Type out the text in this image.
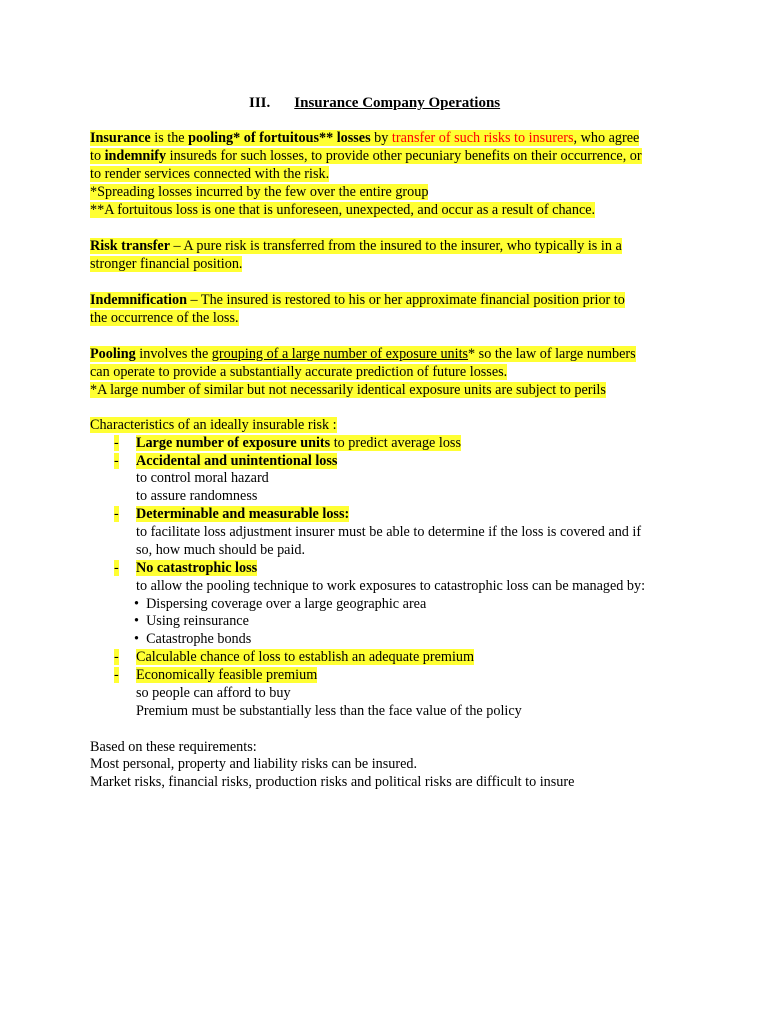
III. Insurance Company Operations
Insurance is the pooling* of fortuitous** losses by transfer of such risks to insurers, who agree
to indemnify insureds for such losses, to provide other pecuniary benefits on their occurrence, or
to render services connected with the risk.
*Spreading losses incurred by the few over the entire group
**A fortuitous loss is one that is unforeseen, unexpected, and occur as a result of chance.
Risk transfer – A pure risk is transferred from the insured to the insurer, who typically is in a
stronger financial position.
Indemnification – The insured is restored to his or her approximate financial position prior to
the occurrence of the loss.
Pooling involves the grouping of a large number of exposure units* so the law of large numbers
can operate to provide a substantially accurate prediction of future losses.
*A large number of similar but not necessarily identical exposure units are subject to perils
Characteristics of an ideally insurable risk :
- Large number of exposure units to predict average loss
- Accidental and unintentional loss
to control moral hazard
to assure randomness
- Determinable and measurable loss:
to facilitate loss adjustment insurer must be able to determine if the loss is covered and if
so, how much should be paid.
- No catastrophic loss
to allow the pooling technique to work exposures to catastrophic loss can be managed by:
• Dispersing coverage over a large geographic area
• Using reinsurance
• Catastrophe bonds
- Calculable chance of loss to establish an adequate premium
- Economically feasible premium
so people can afford to buy
Premium must be substantially less than the face value of the policy
Based on these requirements:
Most personal, property and liability risks can be insured.
Market risks, financial risks, production risks and political risks are difficult to insure
